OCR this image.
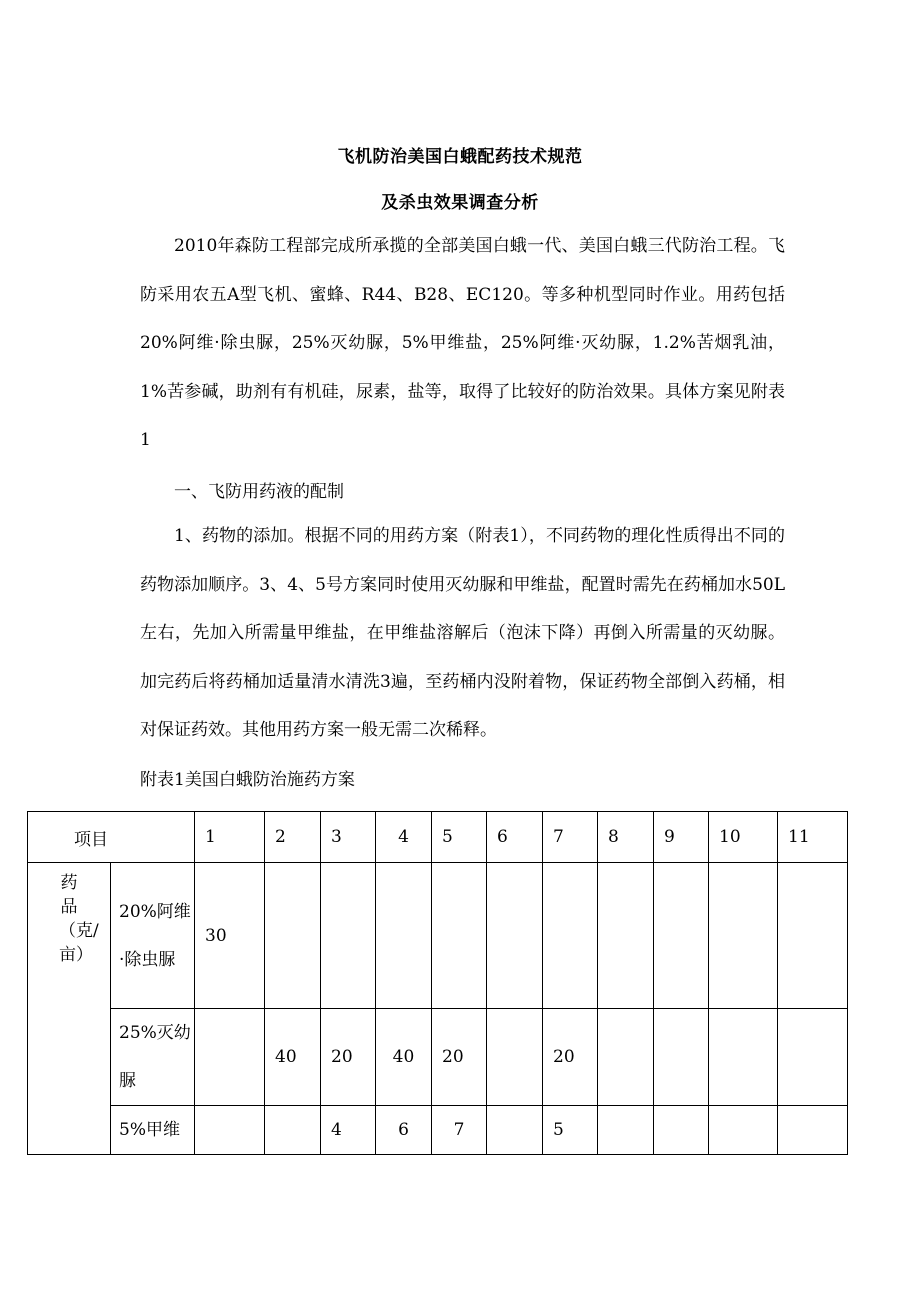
飞机防治美国白蛾配药技术规范
及杀虫效果调查分析
2010年森防工程部完成所承揽的全部美国白蛾一代、美国白蛾三代防治工程。飞防采用农五A型飞机、蜜蜂、R44、B28、EC120。等多种机型同时作业。用药包括20%阿维·除虫脲，25%灭幼脲，5%甲维盐，25%阿维·灭幼脲，1.2%苦烟乳油，1%苦参碱，助剂有有机硅，尿素，盐等，取得了比较好的防治效果。具体方案见附表1
一、飞防用药液的配制
1、药物的添加。根据不同的用药方案（附表1），不同药物的理化性质得出不同的药物添加顺序。3、4、5号方案同时使用灭幼脲和甲维盐，配置时需先在药桶加水50L左右，先加入所需量甲维盐，在甲维盐溶解后（泡沫下降）再倒入所需量的灭幼脲。加完药后将药桶加适量清水清洗3遍，至药桶内没附着物，保证药物全部倒入药桶，相对保证药效。其他用药方案一般无需二次稀释。
附表1美国白蛾防治施药方案
项目		1	2	3	4	5	6	7	8	9	10	11

药品（克/亩）	20%阿维·除虫脲	30										
	25%灭幼脲		40	20	40	20		20				
	5%甲维			4	6	7		5				
